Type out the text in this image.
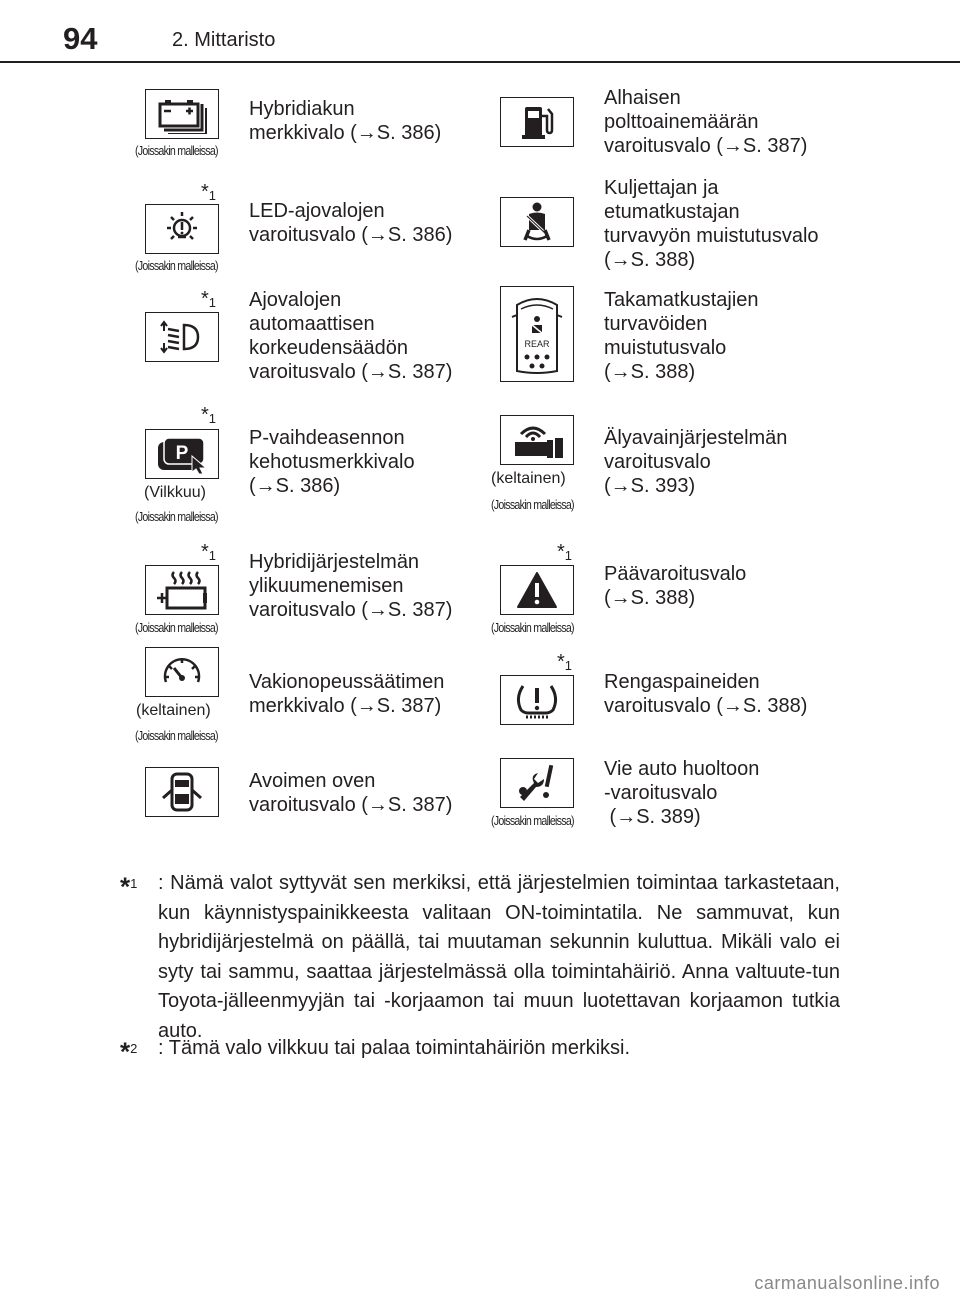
94	2. Mittaristo
(Joissakin malleissa)
Hybridiakun
merkkivalo (→S. 386)
Alhaisen
polttoainemäärän
varoitusvalo (→S. 387)
$*_1$
(Joissakin malleissa)
LED-ajovalojen
varoitusvalo (→S. 386)
Kuljettajan ja
etumatkustajan
turvavyön muistutusvalo
(→S. 388)
$*_1$ Ajovalojen
automaattisen
korkeudensäädön
varoitusvalo (→S. 387)
REAR
Takamatkustajien
turvavöiden
muistutusvalo
(→S. 388)
$*_1$
P
(Vilkkuu)
(Joissakin malleissa)
P-vaihdeasennon
kehotusmerkkivalo
(→S. 386)	(keltainen)
(Joissakin malleissa)
Älyavainjärjestelmän
varoitusvalo
(→S. 393)
$*_1$
(Joissakin malleissa)
Hybridijärjestelmän
ylikuumenemisen
varoitusvalo (→S. 387)
$*_1$
(Joissakin malleissa)
Päävaroitusvalo
(→S. 388)
(keltainen)
(Joissakin malleissa)
Vakionopeussäätimen
merkkivalo (→S. 387)
$*_1$
Rengaspaineiden
varoitusvalo (→S. 388)
Avoimen oven
varoitusvalo (→S. 387)
(Joissakin malleissa)
Vie auto huoltoon
-varoitusvalo
(→S. 389)
*$^1$ : Nämä valot syttyvät sen merkiksi, että järjestelmien toimintaa tarkastetaan, kun käynnistyspainikkeesta valitaan ON-toimintatila. Ne sammuvat, kun hybridijärjestelmä on päällä, tai muutaman sekunnin kuluttua. Mikäli valo ei syty tai sammu, saattaa järjestelmässä olla toimintahäiriö. Anna valtuute-tun Toyota-jälleenmyyjän tai -korjaamon tai muun luotettavan korjaamon tutkia auto.
*$^2$ : Tämä valo vilkkuu tai palaa toimintahäiriön merkiksi.
carmanualsonline.info
